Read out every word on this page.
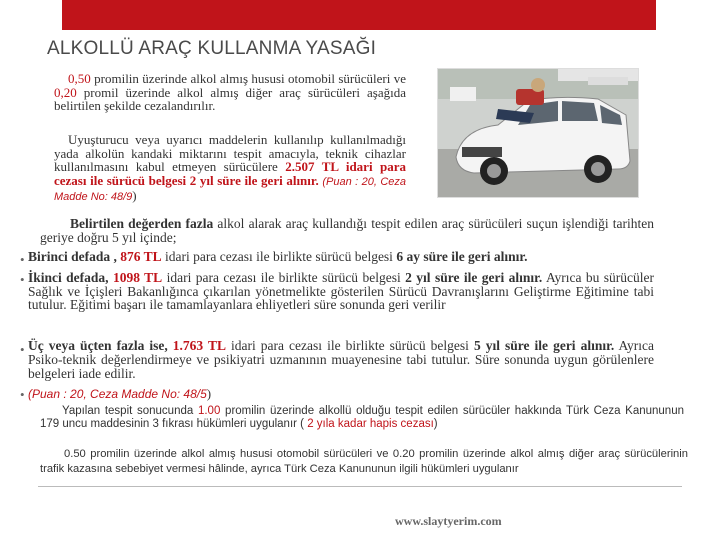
ALKOLLÜ ARAÇ KULLANMA YASAĞI
0,50 promilin üzerinde alkol almış hususi otomobil sürücüleri ve 0,20 promil üzerinde alkol almış diğer araç sürücüleri aşağıda belirtilen şekilde cezalandırılır.
Uyuşturucu veya uyarıcı maddelerin kullanılıp kullanılmadığı yada alkolün kandaki miktarını tespit amacıyla, teknik cihazlar kullanılmasını kabul etmeyen sürücülere 2.507 TL idari para cezası ile sürücü belgesi 2 yıl süre ile geri alınır. (Puan : 20, Ceza Madde No: 48/9)
Belirtilen değerden fazla alkol alarak araç kullandığı tespit edilen araç sürücüleri suçun işlendiği tarihten geriye doğru 5 yıl içinde;
•
•
•
•
Birinci defada , 876 TL idari para cezası ile birlikte sürücü belgesi 6 ay süre ile geri alınır.
İkinci defada, 1098 TL idari para cezası ile birlikte sürücü belgesi 2 yıl süre ile geri alınır. Ayrıca bu sürücüler Sağlık ve İçişleri Bakanlığınca çıkarılan yönetmelikte gösterilen Sürücü Davranışlarını Geliştirme Eğitimine tabi tutulur. Eğitimi başarı ile tamamlayanlara ehliyetleri süre sonunda geri verilir
Üç veya üçten fazla ise, 1.763 TL idari para cezası ile birlikte sürücü belgesi 5 yıl süre ile geri alınır. Ayrıca Psiko-teknik değerlendirmeye ve psikiyatri uzmanının muayenesine tabi tutulur. Süre sonunda uygun görülenlere belgeleri iade edilir.
(Puan : 20, Ceza Madde No: 48/5)
Yapılan tespit sonucunda 1.00 promilin üzerinde alkollü olduğu tespit edilen sürücüler hakkında Türk Ceza Kanununun 179 uncu maddesinin 3 fıkrası hükümleri uygulanır ( 2 yıla kadar hapis cezası)
0.50 promilin üzerinde alkol almış hususi otomobil sürücüleri ve 0.20 promilin üzerinde alkol almış diğer araç sürücülerinin trafik kazasına sebebiyet vermesi hâlinde, ayrıca Türk Ceza Kanununun ilgili hükümleri uygulanır
www.slaytyerim.com
